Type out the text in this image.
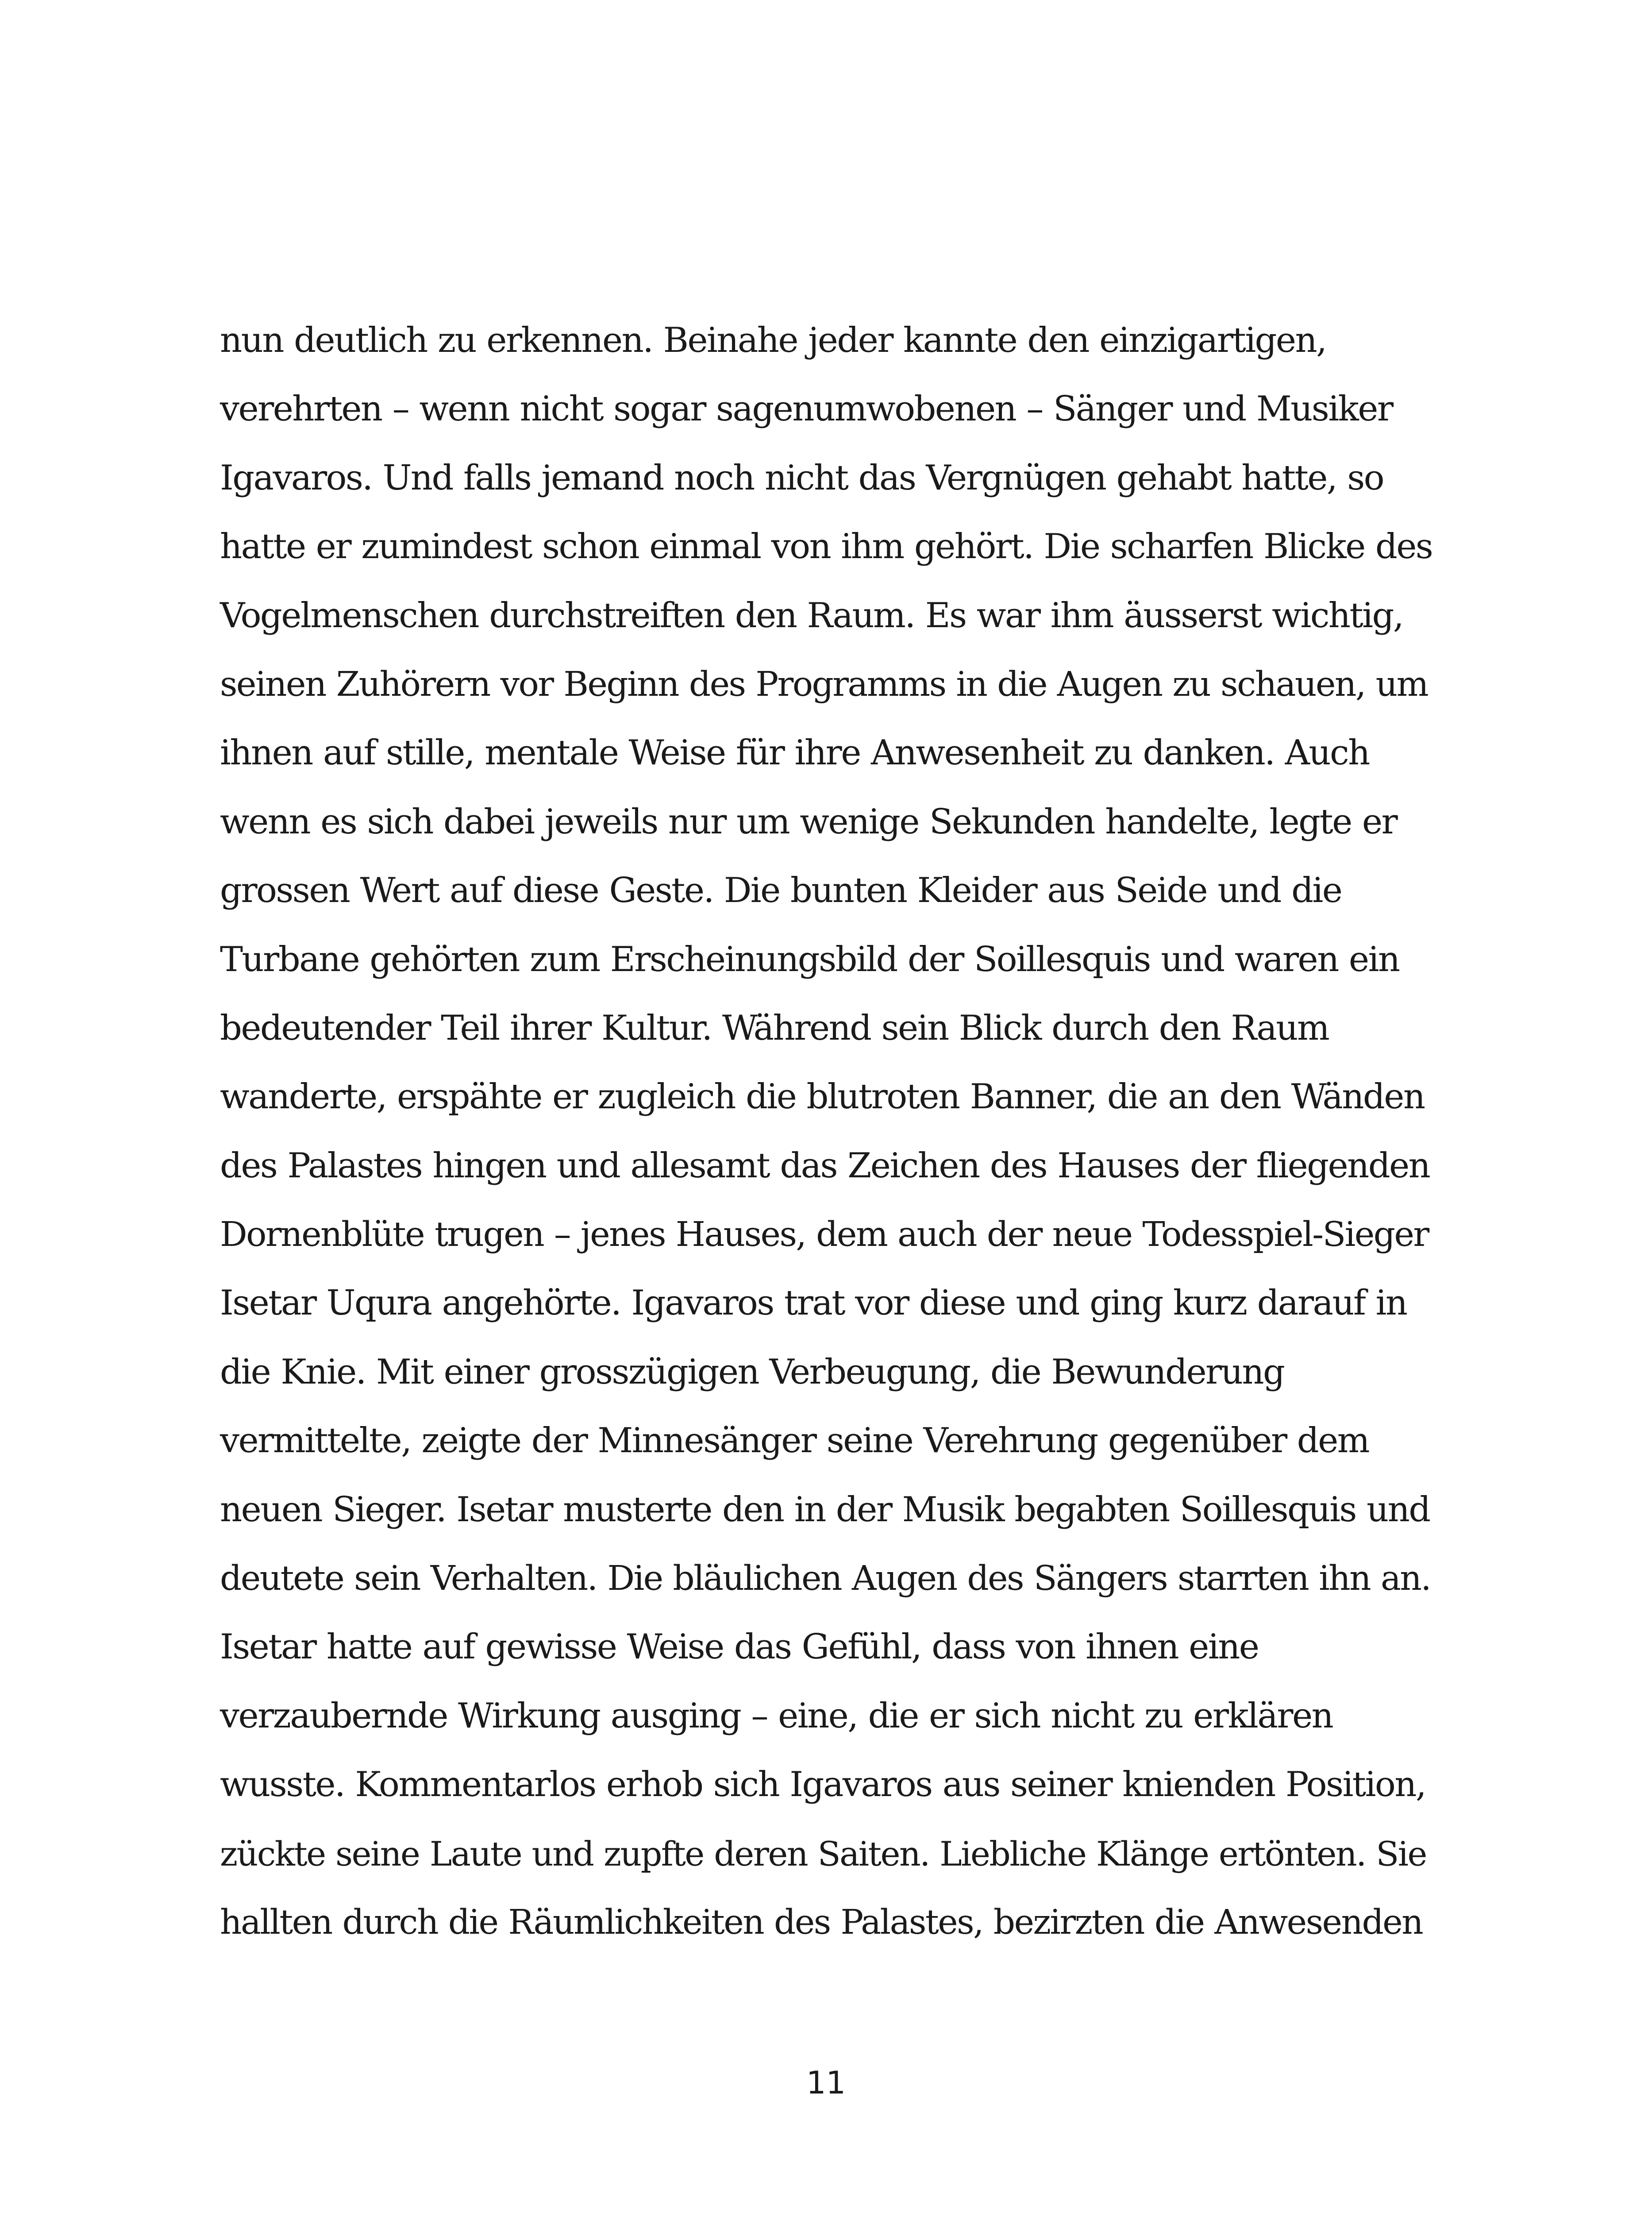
nun deutlich zu erkennen. Beinahe jeder kannte den einzigartigen,
verehrten – wenn nicht sogar sagenumwobenen – Sänger und Musiker
Igavaros. Und falls jemand noch nicht das Vergnügen gehabt hatte, so
hatte er zumindest schon einmal von ihm gehört. Die scharfen Blicke des
Vogelmenschen durchstreiften den Raum. Es war ihm äusserst wichtig,
seinen Zuhörern vor Beginn des Programms in die Augen zu schauen, um
ihnen auf stille, mentale Weise für ihre Anwesenheit zu danken. Auch
wenn es sich dabei jeweils nur um wenige Sekunden handelte, legte er
grossen Wert auf diese Geste. Die bunten Kleider aus Seide und die
Turbane gehörten zum Erscheinungsbild der Soillesquis und waren ein
bedeutender Teil ihrer Kultur. Während sein Blick durch den Raum
wanderte, erspähte er zugleich die blutroten Banner, die an den Wänden
des Palastes hingen und allesamt das Zeichen des Hauses der fliegenden
Dornenblüte trugen – jenes Hauses, dem auch der neue Todesspiel-Sieger
Isetar Uqura angehörte. Igavaros trat vor diese und ging kurz darauf in
die Knie. Mit einer grosszügigen Verbeugung, die Bewunderung
vermittelte, zeigte der Minnesänger seine Verehrung gegenüber dem
neuen Sieger. Isetar musterte den in der Musik begabten Soillesquis und
deutete sein Verhalten. Die bläulichen Augen des Sängers starrten ihn an.
Isetar hatte auf gewisse Weise das Gefühl, dass von ihnen eine
verzaubernde Wirkung ausging – eine, die er sich nicht zu erklären
wusste. Kommentarlos erhob sich Igavaros aus seiner knienden Position,
zückte seine Laute und zupfte deren Saiten. Liebliche Klänge ertönten. Sie
hallten durch die Räumlichkeiten des Palastes, bezirzten die Anwesenden
11
